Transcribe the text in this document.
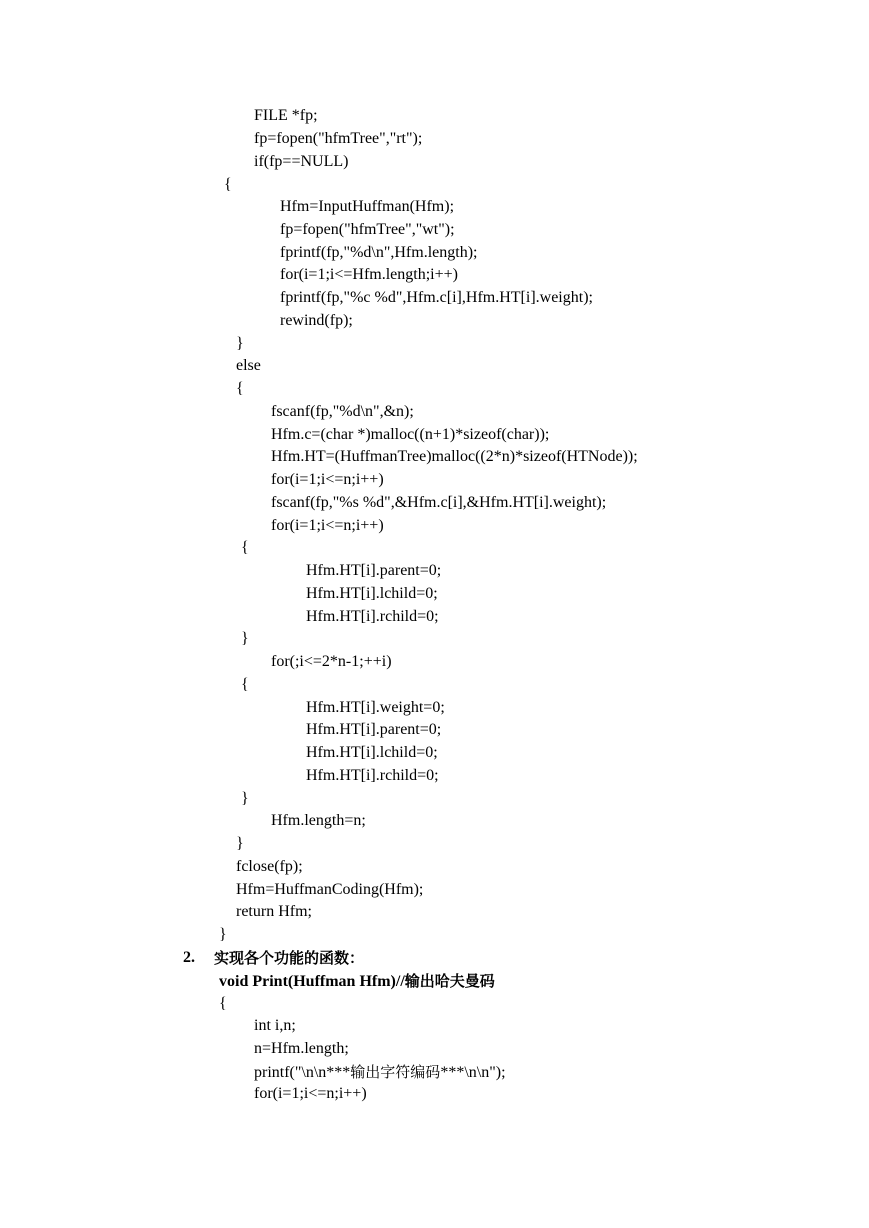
FILE *fp;
fp=fopen("hfmTree","rt");
if(fp==NULL)
{
Hfm=InputHuffman(Hfm);
fp=fopen("hfmTree","wt");
fprintf(fp,"%d\n",Hfm.length);
for(i=1;i<=Hfm.length;i++)
fprintf(fp,"%c %d",Hfm.c[i],Hfm.HT[i].weight);
rewind(fp);
}
else
{
fscanf(fp,"%d\n",&n);
Hfm.c=(char *)malloc((n+1)*sizeof(char));
Hfm.HT=(HuffmanTree)malloc((2*n)*sizeof(HTNode));
for(i=1;i<=n;i++)
fscanf(fp,"%s %d",&Hfm.c[i],&Hfm.HT[i].weight);
for(i=1;i<=n;i++)
{
Hfm.HT[i].parent=0;
Hfm.HT[i].lchild=0;
Hfm.HT[i].rchild=0;
}
for(;i<=2*n-1;++i)
{
Hfm.HT[i].weight=0;
Hfm.HT[i].parent=0;
Hfm.HT[i].lchild=0;
Hfm.HT[i].rchild=0;
}
Hfm.length=n;
}
fclose(fp);
Hfm=HuffmanCoding(Hfm);
return Hfm;
}
2. 实现各个功能的函数：
void Print(Huffman Hfm)//输出哈夫曼码
{
int i,n;
n=Hfm.length;
printf("\n\n***输出字符编码***\n\n");
for(i=1;i<=n;i++)
